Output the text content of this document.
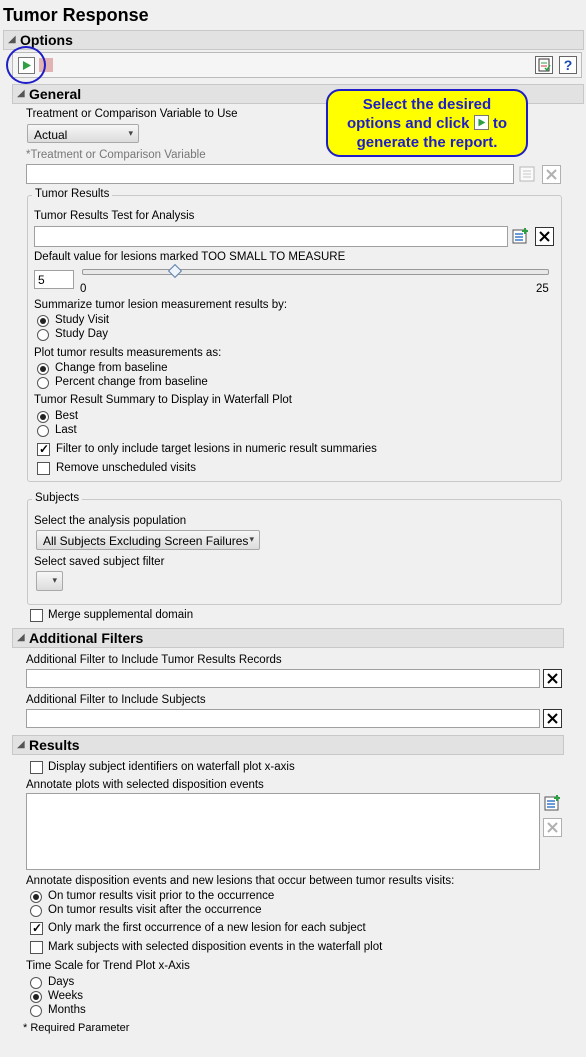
Tumor Response
◢ Options
?
◢ General
Select the desired
options and click to
generate the report.
Treatment or Comparison Variable to Use
Actual	▾
*Treatment or Comparison Variable
Tumor Results
Tumor Results Test for Analysis
Default value for lesions marked TOO SMALL TO MEASURE
5
0	25
Summarize tumor lesion measurement results by:
Study Visit
Study Day
Plot tumor results measurements as:
Change from baseline
Percent change from baseline
Tumor Result Summary to Display in Waterfall Plot
Best
Last
✓
Filter to only include target lesions in numeric result summaries
Remove unscheduled visits
Subjects
Select the analysis population
All Subjects Excluding Screen Failures ▾
Select saved subject filter
▾
Merge supplemental domain
◢ Additional Filters
Additional Filter to Include Tumor Results Records
Additional Filter to Include Subjects
◢ Results
Display subject identifiers on waterfall plot x-axis
Annotate plots with selected disposition events
Annotate disposition events and new lesions that occur between tumor results visits:
On tumor results visit prior to the occurrence
On tumor results visit after the occurrence
✓
Only mark the first occurrence of a new lesion for each subject
Mark subjects with selected disposition events in the waterfall plot
Time Scale for Trend Plot x-Axis
Days
Weeks
Months
* Required Parameter
